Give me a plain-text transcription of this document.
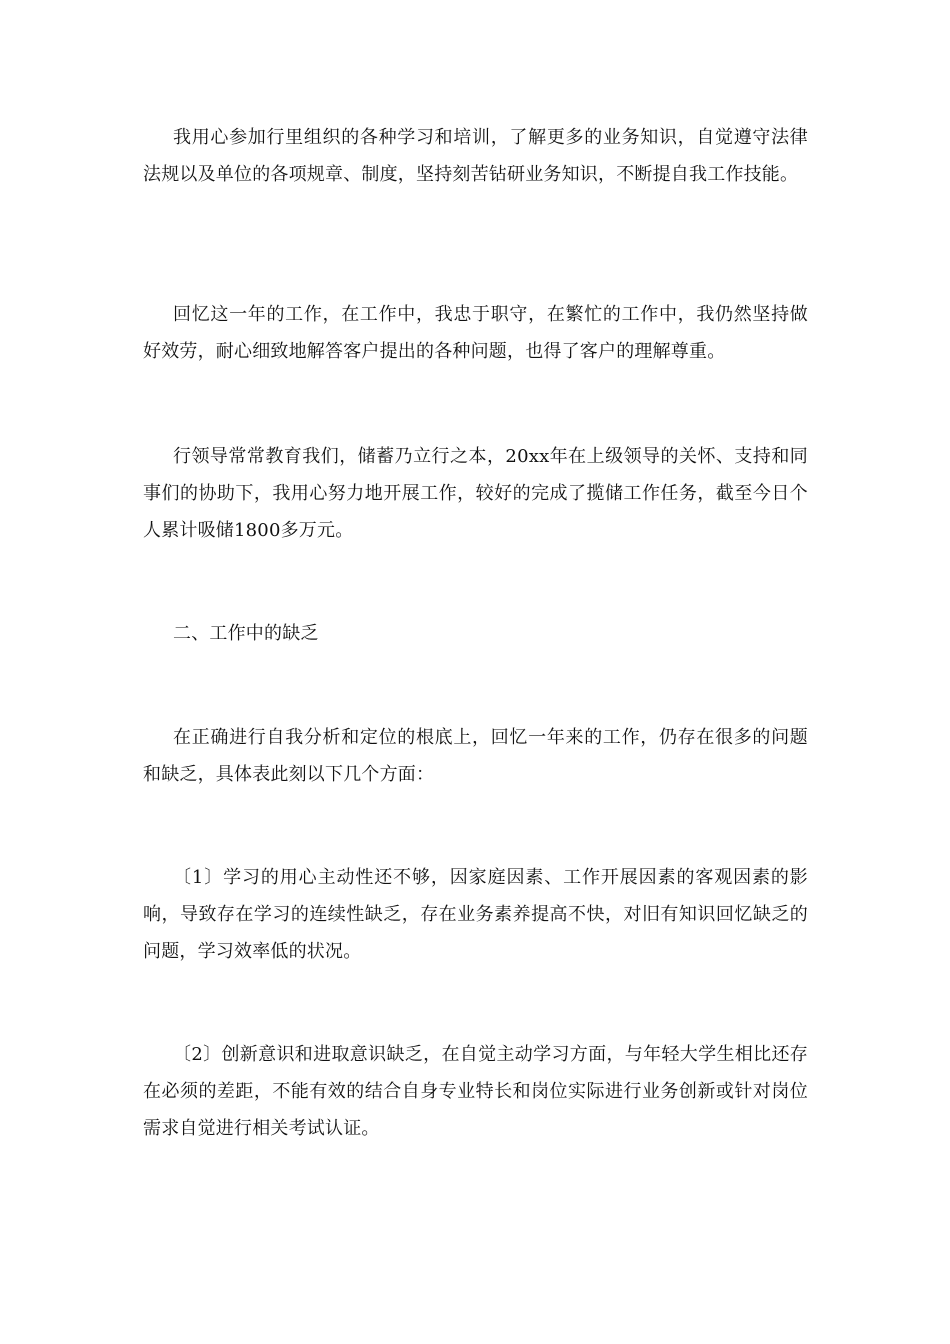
我用心参加行里组织的各种学习和培训，了解更多的业务知识，自觉遵守法律法规以及单位的各项规章、制度，坚持刻苦钻研业务知识，不断提自我工作技能。

回忆这一年的工作，在工作中，我忠于职守，在繁忙的工作中，我仍然坚持做好效劳，耐心细致地解答客户提出的各种问题，也得了客户的理解尊重。

行领导常常教育我们，储蓄乃立行之本，20xx年在上级领导的关怀、支持和同事们的协助下，我用心努力地开展工作，较好的完成了揽储工作任务，截至今日个人累计吸储1800多万元。

二、工作中的缺乏

在正确进行自我分析和定位的根底上，回忆一年来的工作，仍存在很多的问题和缺乏，具体表此刻以下几个方面：

〔1〕学习的用心主动性还不够，因家庭因素、工作开展因素的客观因素的影响，导致存在学习的连续性缺乏，存在业务素养提高不快，对旧有知识回忆缺乏的问题，学习效率低的状况。

〔2〕创新意识和进取意识缺乏，在自觉主动学习方面，与年轻大学生相比还存在必须的差距，不能有效的结合自身专业特长和岗位实际进行业务创新或针对岗位需求自觉进行相关考试认证。
